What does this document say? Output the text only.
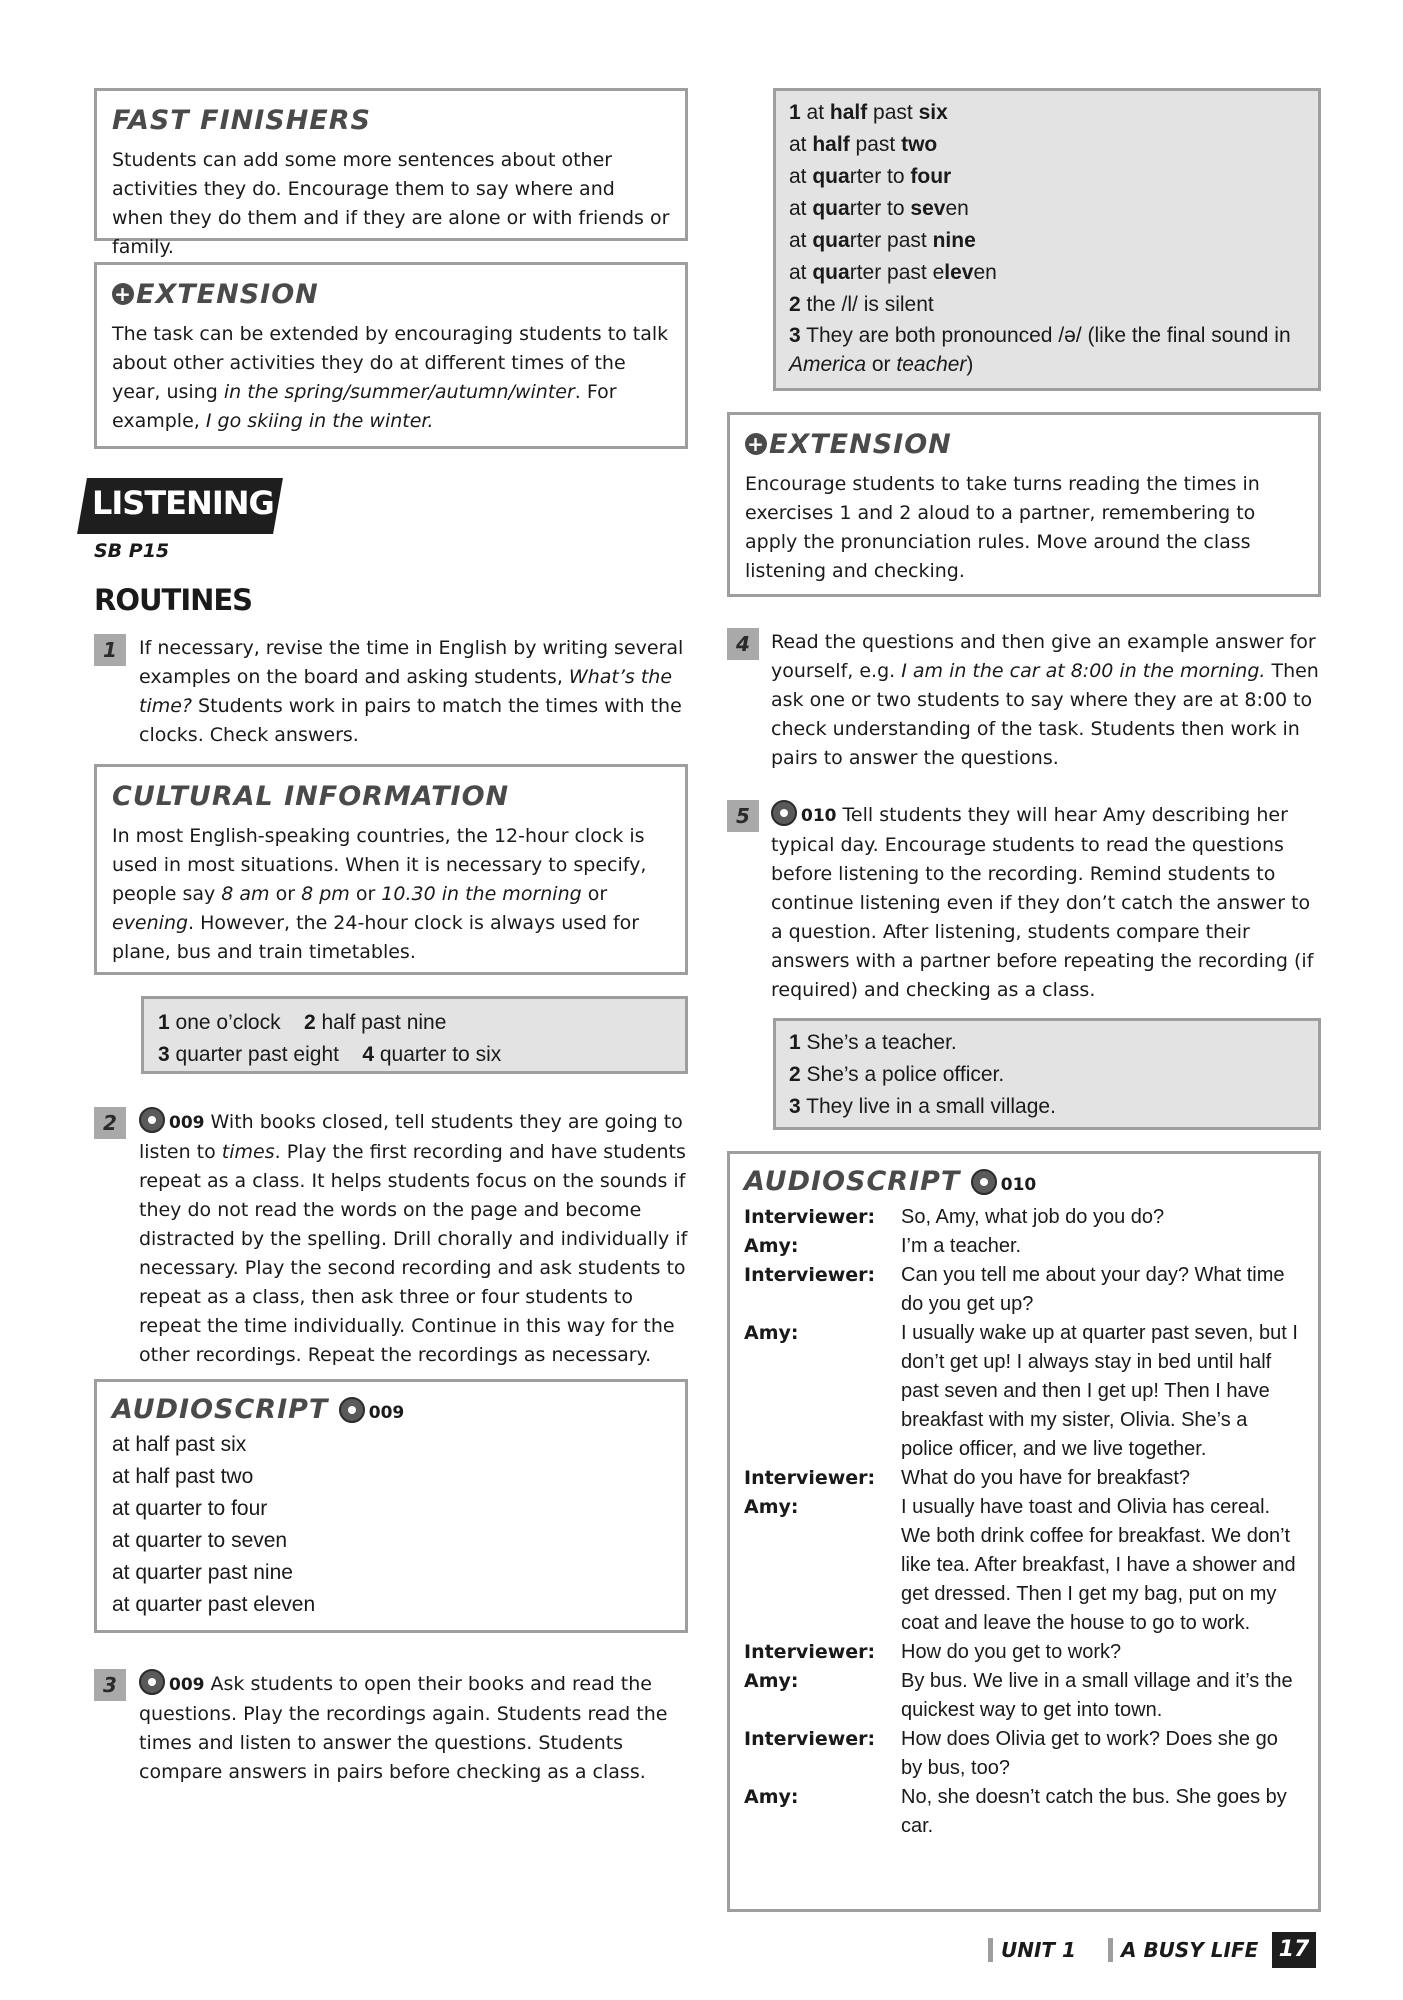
FAST FINISHERS
Students can add some more sentences about other activities they do. Encourage them to say where and when they do them and if they are alone or with friends or family.
+ EXTENSION
The task can be extended by encouraging students to talk about other activities they do at different times of the year, using in the spring/summer/autumn/winter. For example, I go skiing in the winter.
LISTENING
SB P15
ROUTINES
1	If necessary, revise the time in English by writing several examples on the board and asking students, What’s the time? Students work in pairs to match the times with the clocks. Check answers.
CULTURAL INFORMATION
In most English-speaking countries, the 12-hour clock is used in most situations. When it is necessary to specify, people say 8 am or 8 pm or 10.30 in the morning or evening. However, the 24-hour clock is always used for plane, bus and train timetables.
1 one o’clock 2 half past nine
3 quarter past eight 4 quarter to six
2	009 With books closed, tell students they are going to listen to times. Play the first recording and have students repeat as a class. It helps students focus on the sounds if they do not read the words on the page and become distracted by the spelling. Drill chorally and individually if necessary. Play the second recording and ask students to repeat as a class, then ask three or four students to repeat the time individually. Continue in this way for the other recordings. Repeat the recordings as necessary.
AUDIOSCRIPT 009
at half past six
at half past two
at quarter to four
at quarter to seven
at quarter past nine
at quarter past eleven
3	009 Ask students to open their books and read the questions. Play the recordings again. Students read the times and listen to answer the questions. Students compare answers in pairs before checking as a class.
1 at half past six
at half past two
at quarter to four
at quarter to seven
at quarter past nine
at quarter past eleven
2 the /l/ is silent
3 They are both pronounced /ə/ (like the final sound in America or teacher)
+ EXTENSION
Encourage students to take turns reading the times in exercises 1 and 2 aloud to a partner, remembering to apply the pronunciation rules. Move around the class listening and checking.
4	Read the questions and then give an example answer for yourself, e.g. I am in the car at 8:00 in the morning. Then ask one or two students to say where they are at 8:00 to check understanding of the task. Students then work in pairs to answer the questions.
5	010 Tell students they will hear Amy describing her typical day. Encourage students to read the questions before listening to the recording. Remind students to continue listening even if they don’t catch the answer to a question. After listening, students compare their answers with a partner before repeating the recording (if required) and checking as a class.
1 She’s a teacher.
2 She’s a police officer.
3 They live in a small village.
AUDIOSCRIPT 010
Interviewer:	So, Amy, what job do you do?
Amy:	I’m a teacher.
Interviewer:	Can you tell me about your day? What time do you get up?
Amy:	I usually wake up at quarter past seven, but I don’t get up! I always stay in bed until half past seven and then I get up! Then I have breakfast with my sister, Olivia. She’s a police officer, and we live together.
Interviewer:	What do you have for breakfast?
Amy:	I usually have toast and Olivia has cereal. We both drink coffee for breakfast. We don’t like tea. After breakfast, I have a shower and get dressed. Then I get my bag, put on my coat and leave the house to go to work.
Interviewer:	How do you get to work?
Amy:	By bus. We live in a small village and it’s the quickest way to get into town.
Interviewer:	How does Olivia get to work? Does she go by bus, too?
Amy:	No, she doesn’t catch the bus. She goes by car.
UNIT 1	A BUSY LIFE 17
